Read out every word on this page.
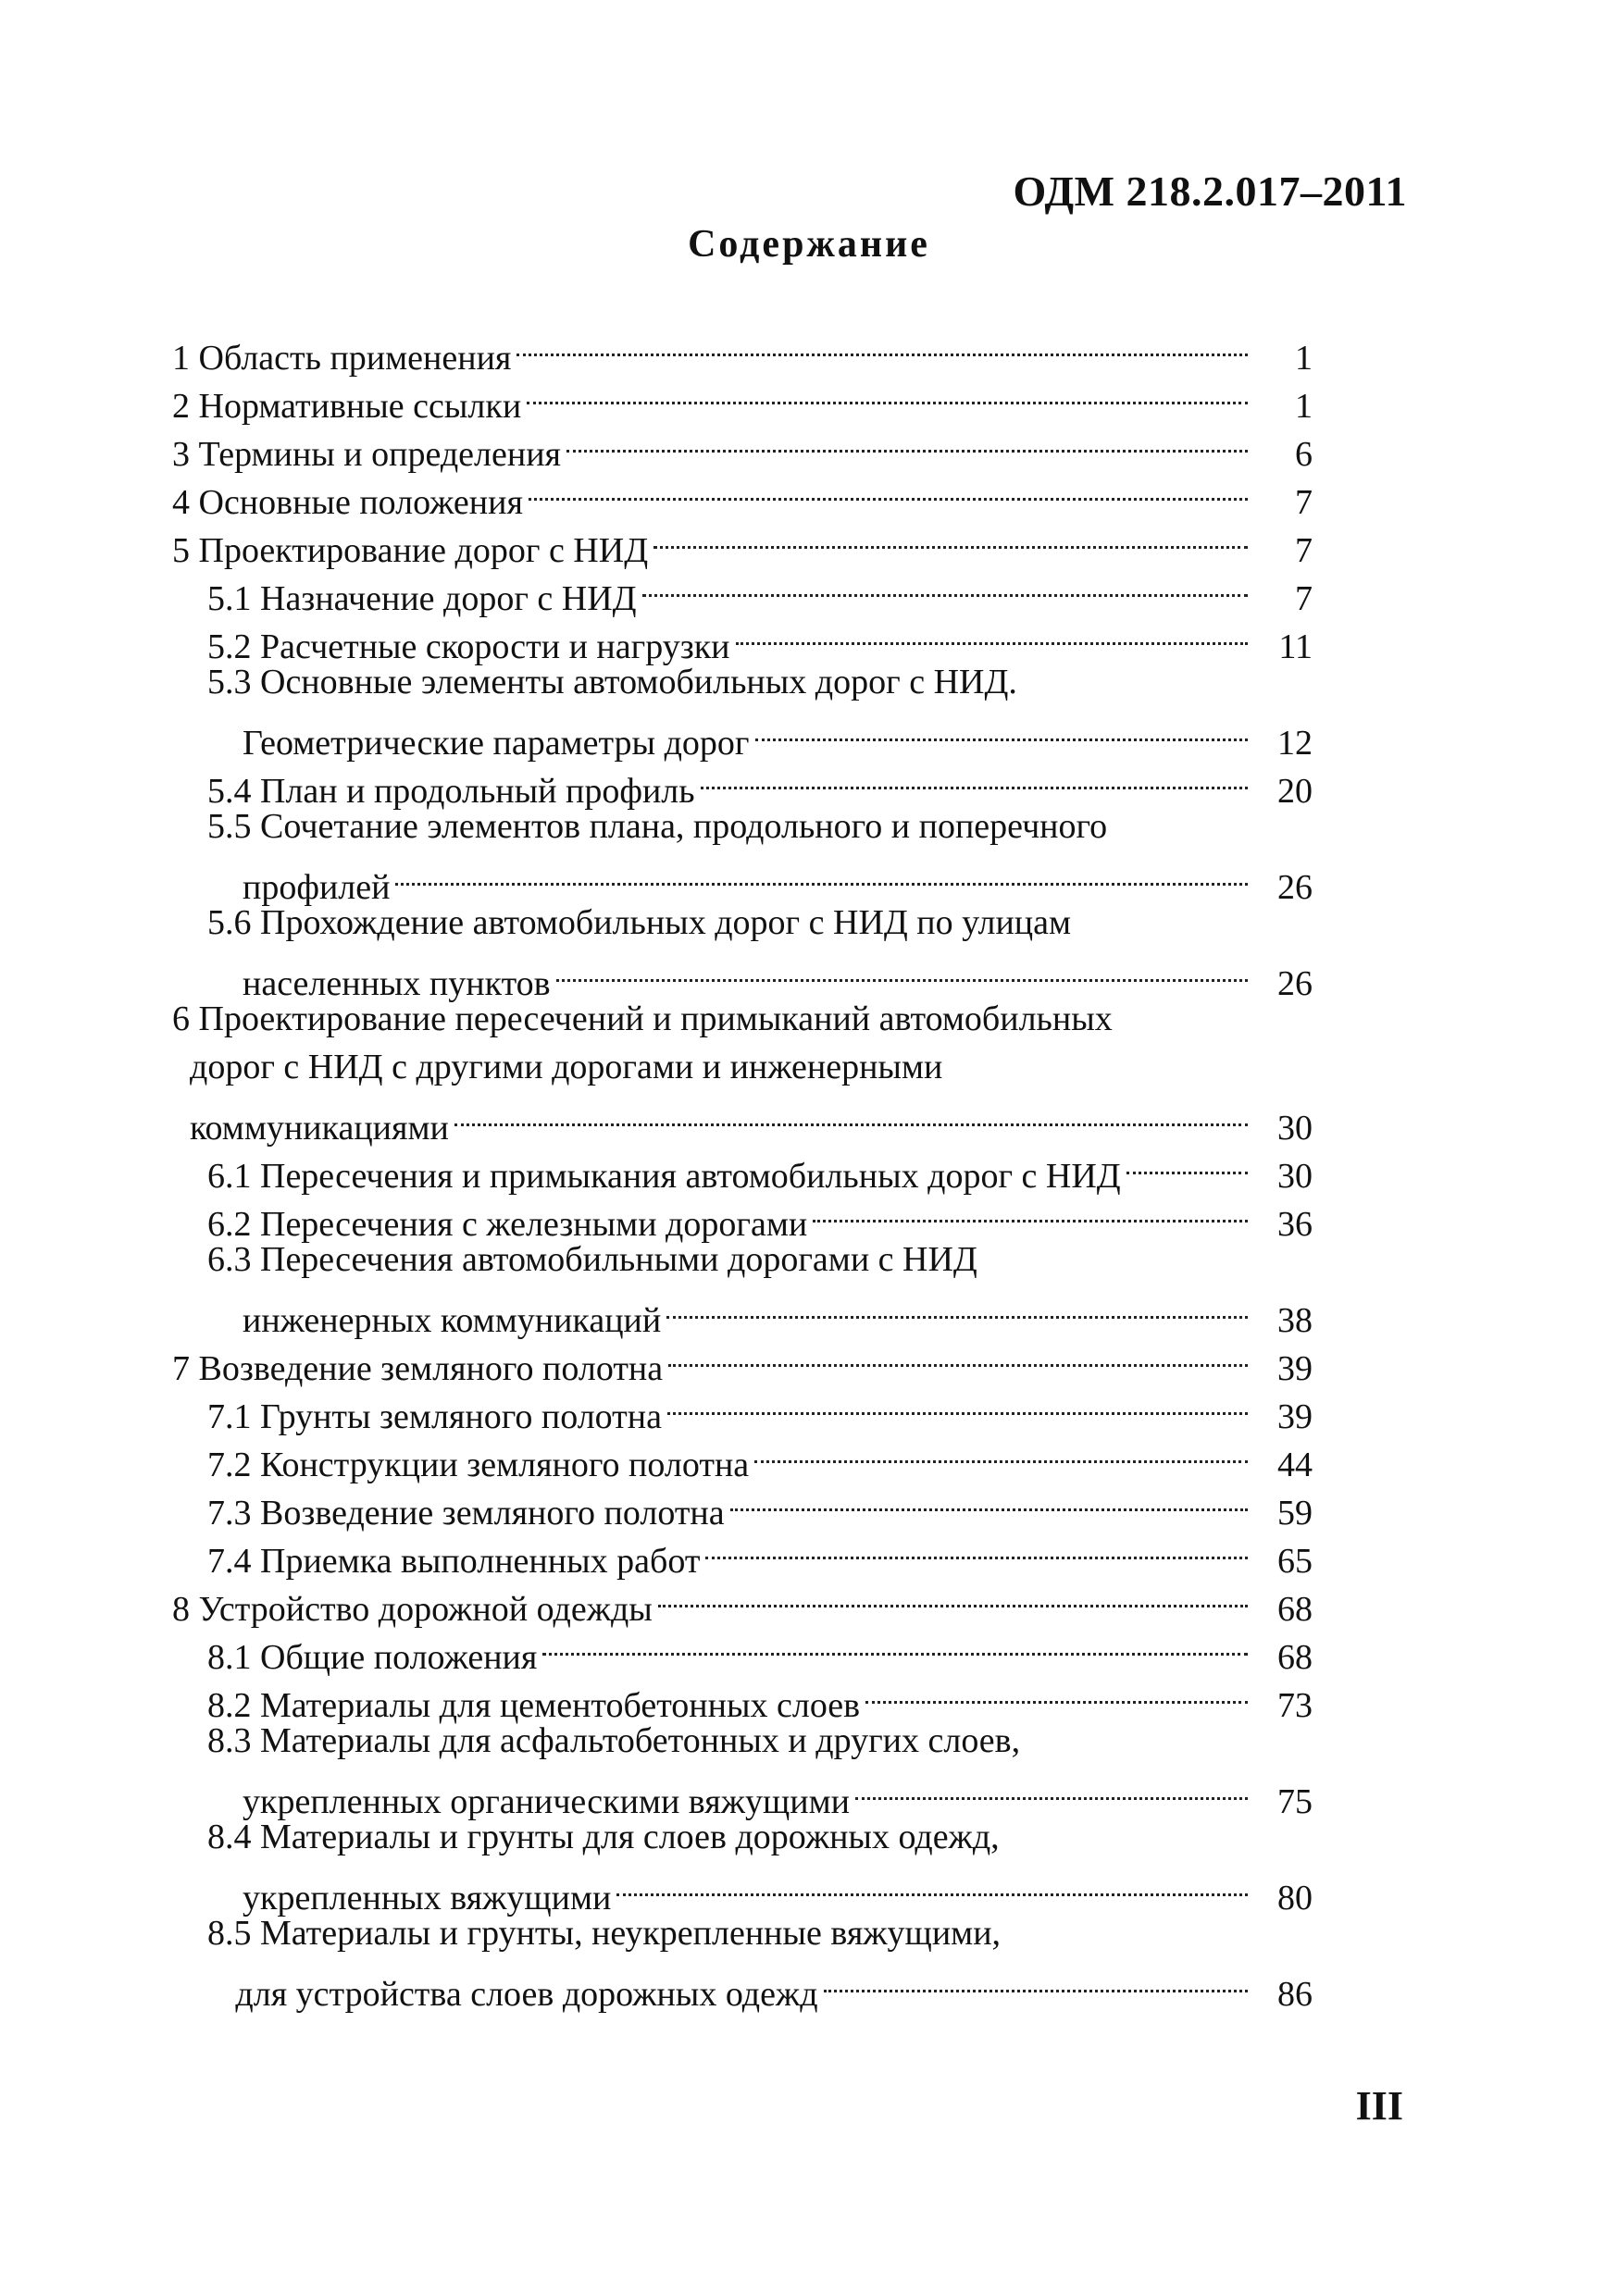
ОДМ 218.2.017–2011
Содержание
1 Область применения	1
2 Нормативные ссылки	1
3 Термины и определения	6
4 Основные положения	7
5 Проектирование дорог с НИД	7
5.1 Назначение дорог с НИД	7
5.2 Расчетные скорости и нагрузки	11
5.3 Основные элементы автомобильных дорог с НИД.
Геометрические параметры дорог	12
5.4 План и продольный профиль	20
5.5 Сочетание элементов плана, продольного и поперечного
профилей	26
5.6 Прохождение автомобильных дорог с НИД по улицам
населенных пунктов	26
6 Проектирование пересечений и примыканий автомобильных
дорог с НИД с другими дорогами и инженерными
коммуникациями	30
6.1 Пересечения и примыкания автомобильных дорог с НИД	30
6.2 Пересечения с железными дорогами	36
6.3 Пересечения автомобильными дорогами с НИД
инженерных коммуникаций	38
7 Возведение земляного полотна	39
7.1 Грунты земляного полотна	39
7.2 Конструкции земляного полотна	44
7.3 Возведение земляного полотна	59
7.4 Приемка выполненных работ	65
8 Устройство дорожной одежды	68
8.1 Общие положения	68
8.2 Материалы для цементобетонных слоев	73
8.3 Материалы для асфальтобетонных и других слоев,
укрепленных органическими вяжущими	75
8.4 Материалы и грунты для слоев дорожных одежд,
укрепленных вяжущими	80
8.5 Материалы и грунты, неукрепленные вяжущими,
для устройства слоев дорожных одежд	86
III
